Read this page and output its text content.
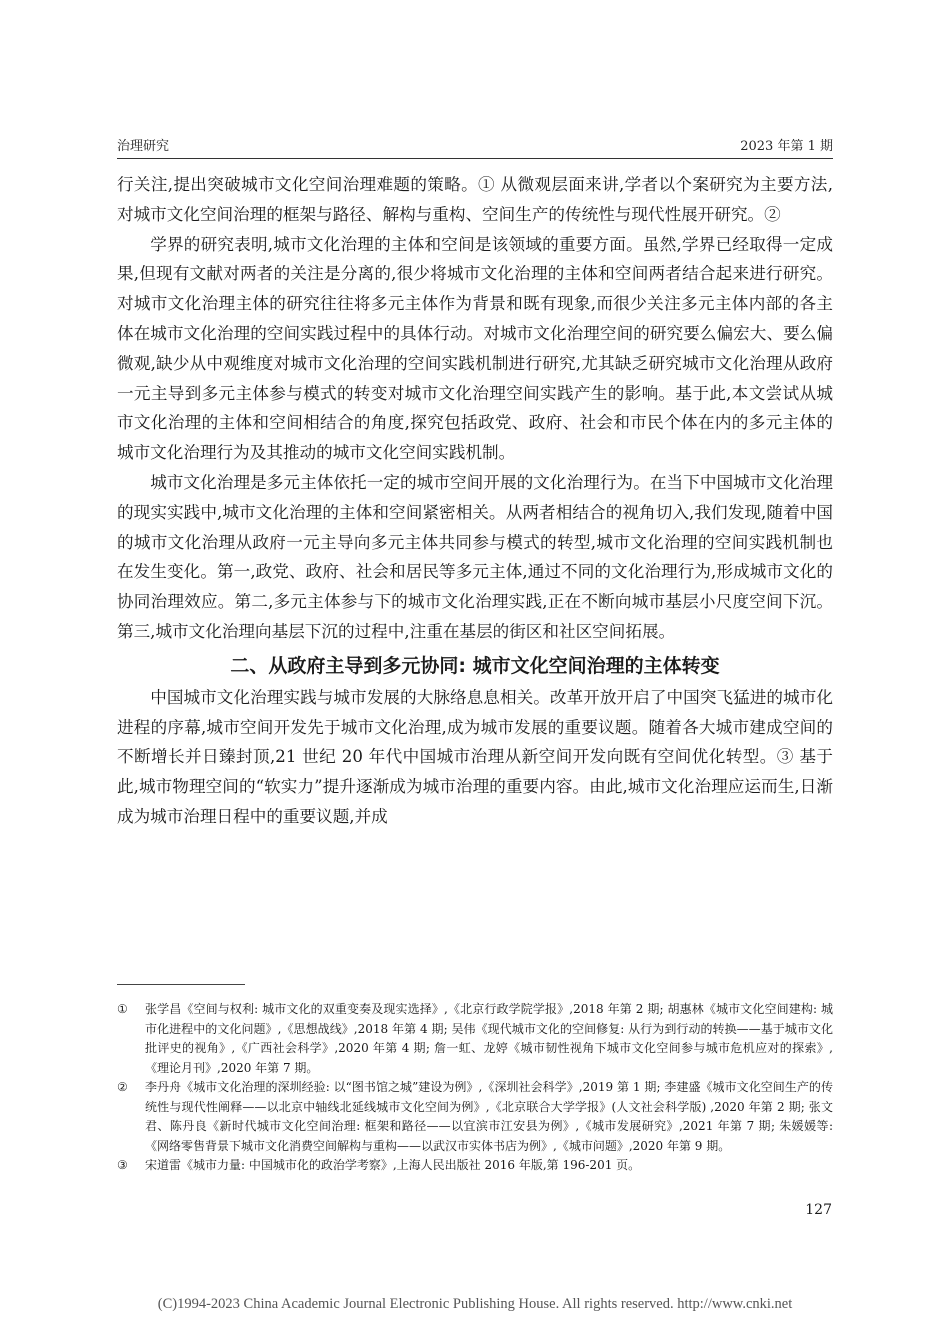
治理研究	2023 年第 1 期

行关注,提出突破城市文化空间治理难题的策略。① 从微观层面来讲,学者以个案研究为主要方法,对城市文化空间治理的框架与路径、解构与重构、空间生产的传统性与现代性展开研究。②

学界的研究表明,城市文化治理的主体和空间是该领域的重要方面。虽然,学界已经取得一定成果,但现有文献对两者的关注是分离的,很少将城市文化治理的主体和空间两者结合起来进行研究。对城市文化治理主体的研究往往将多元主体作为背景和既有现象,而很少关注多元主体内部的各主体在城市文化治理的空间实践过程中的具体行动。对城市文化治理空间的研究要么偏宏大、要么偏微观,缺少从中观维度对城市文化治理的空间实践机制进行研究,尤其缺乏研究城市文化治理从政府一元主导到多元主体参与模式的转变对城市文化治理空间实践产生的影响。基于此,本文尝试从城市文化治理的主体和空间相结合的角度,探究包括政党、政府、社会和市民个体在内的多元主体的城市文化治理行为及其推动的城市文化空间实践机制。

城市文化治理是多元主体依托一定的城市空间开展的文化治理行为。在当下中国城市文化治理的现实实践中,城市文化治理的主体和空间紧密相关。从两者相结合的视角切入,我们发现,随着中国的城市文化治理从政府一元主导向多元主体共同参与模式的转型,城市文化治理的空间实践机制也在发生变化。第一,政党、政府、社会和居民等多元主体,通过不同的文化治理行为,形成城市文化的协同治理效应。第二,多元主体参与下的城市文化治理实践,正在不断向城市基层小尺度空间下沉。第三,城市文化治理向基层下沉的过程中,注重在基层的街区和社区空间拓展。

二、从政府主导到多元协同: 城市文化空间治理的主体转变

中国城市文化治理实践与城市发展的大脉络息息相关。改革开放开启了中国突飞猛进的城市化进程的序幕,城市空间开发先于城市文化治理,成为城市发展的重要议题。随着各大城市建成空间的不断增长并日臻封顶,21 世纪 20 年代中国城市治理从新空间开发向既有空间优化转型。③ 基于此,城市物理空间的“软实力”提升逐渐成为城市治理的重要内容。由此,城市文化治理应运而生,日渐成为城市治理日程中的重要议题,并成

① 张学昌《空间与权利: 城市文化的双重变奏及现实选择》,《北京行政学院学报》,2018 年第 2 期; 胡惠林《城市文化空间建构: 城市化进程中的文化问题》,《思想战线》,2018 年第 4 期; 吴伟《现代城市文化的空间修复: 从行为到行动的转换——基于城市文化批评史的视角》,《广西社会科学》,2020 年第 4 期; 詹一虹、龙婷《城市韧性视角下城市文化空间参与城市危机应对的探索》,《理论月刊》,2020 年第 7 期。
② 李丹舟《城市文化治理的深圳经验: 以“图书馆之城”建设为例》,《深圳社会科学》,2019 第 1 期; 李建盛《城市文化空间生产的传统性与现代性阐释——以北京中轴线北延线城市文化空间为例》,《北京联合大学学报》(人文社会科学版) ,2020 年第 2 期; 张文君、陈丹良《新时代城市文化空间治理: 框架和路径——以宜滨市江安县为例》,《城市发展研究》,2021 年第 7 期; 朱媛媛等:《网络零售背景下城市文化消费空间解构与重构——以武汉市实体书店为例》,《城市问题》,2020 年第 9 期。
③ 宋道雷《城市力量: 中国城市化的政治学考察》,上海人民出版社 2016 年版,第 196-201 页。
127
(C)1994-2023 China Academic Journal Electronic Publishing House. All rights reserved. http://www.cnki.net
